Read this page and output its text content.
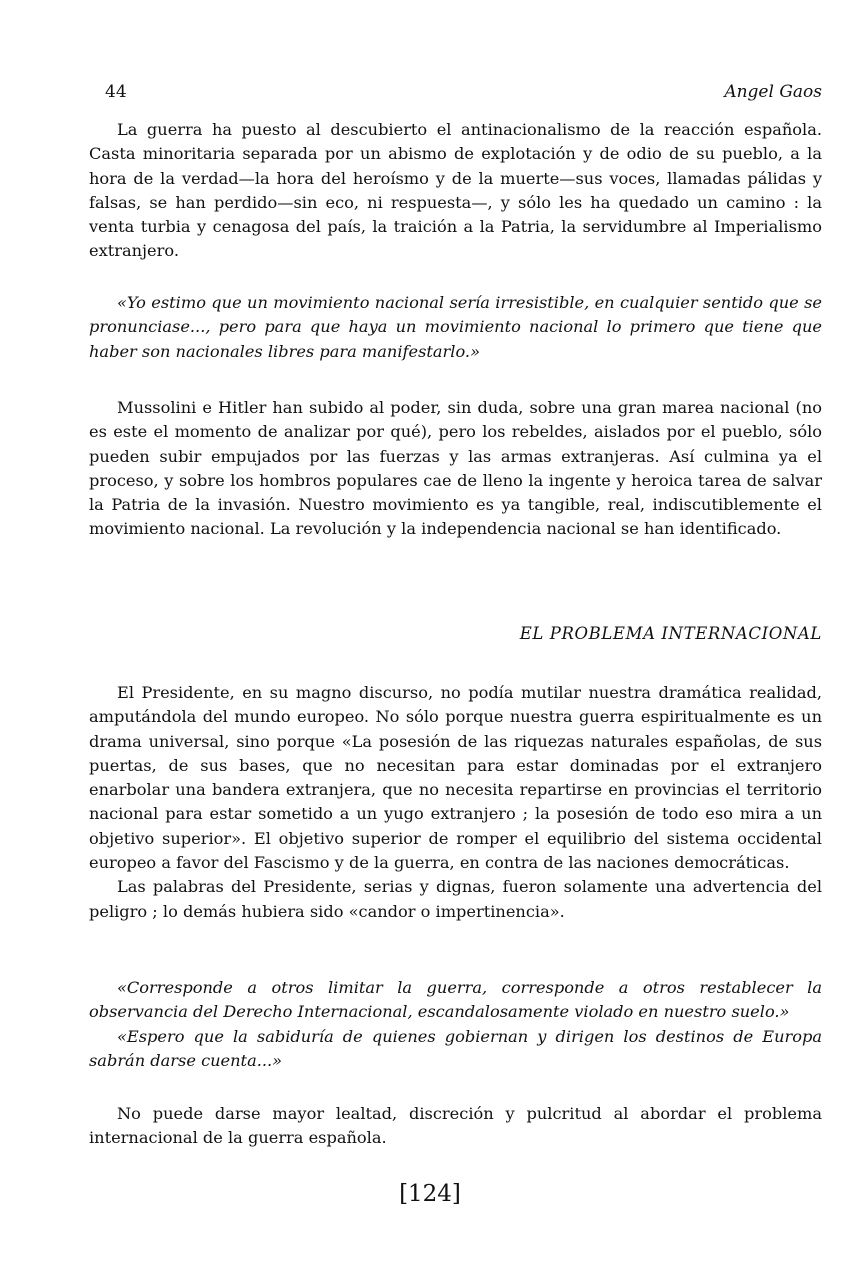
44	Angel Gaos

La guerra ha puesto al descubierto el antinacionalismo de la reacción española. Casta minoritaria separada por un abismo de explotación y de odio de su pueblo, a la hora de la verdad—la hora del heroísmo y de la muerte—sus voces, llamadas pálidas y falsas, se han perdido—sin eco, ni respuesta—, y sólo les ha quedado un camino : la venta turbia y cenagosa del país, la traición a la Patria, la servidumbre al Imperialismo extranjero.

«Yo estimo que un movimiento nacional sería irresistible, en cualquier sentido que se pronunciase..., pero para que haya un movimiento nacional lo primero que tiene que haber son nacionales libres para manifestarlo.»

Mussolini e Hitler han subido al poder, sin duda, sobre una gran marea nacional (no es este el momento de analizar por qué), pero los rebeldes, aislados por el pueblo, sólo pueden subir empujados por las fuerzas y las armas extranjeras. Así culmina ya el proceso, y sobre los hombros populares cae de lleno la ingente y heroica tarea de salvar la Patria de la invasión. Nuestro movimiento es ya tangible, real, indiscutiblemente el movimiento nacional. La revolución y la independencia nacional se han identificado.

EL PROBLEMA INTERNACIONAL

El Presidente, en su magno discurso, no podía mutilar nuestra dramática realidad, amputándola del mundo europeo. No sólo porque nuestra guerra espiritualmente es un drama universal, sino porque «La posesión de las riquezas naturales españolas, de sus puertas, de sus bases, que no necesitan para estar dominadas por el extranjero enarbolar una bandera extranjera, que no necesita repartirse en provincias el territorio nacional para estar sometido a un yugo extranjero ; la posesión de todo eso mira a un objetivo superior». El objetivo superior de romper el equilibrio del sistema occidental europeo a favor del Fascismo y de la guerra, en contra de las naciones democráticas.

Las palabras del Presidente, serias y dignas, fueron solamente una advertencia del peligro ; lo demás hubiera sido «candor o impertinencia».

«Corresponde a otros limitar la guerra, corresponde a otros restablecer la observancia del Derecho Internacional, escandalosamente violado en nuestro suelo.»

«Espero que la sabiduría de quienes gobiernan y dirigen los destinos de Europa sabrán darse cuenta...»

No puede darse mayor lealtad, discreción y pulcritud al abordar el problema internacional de la guerra española.

[124]
